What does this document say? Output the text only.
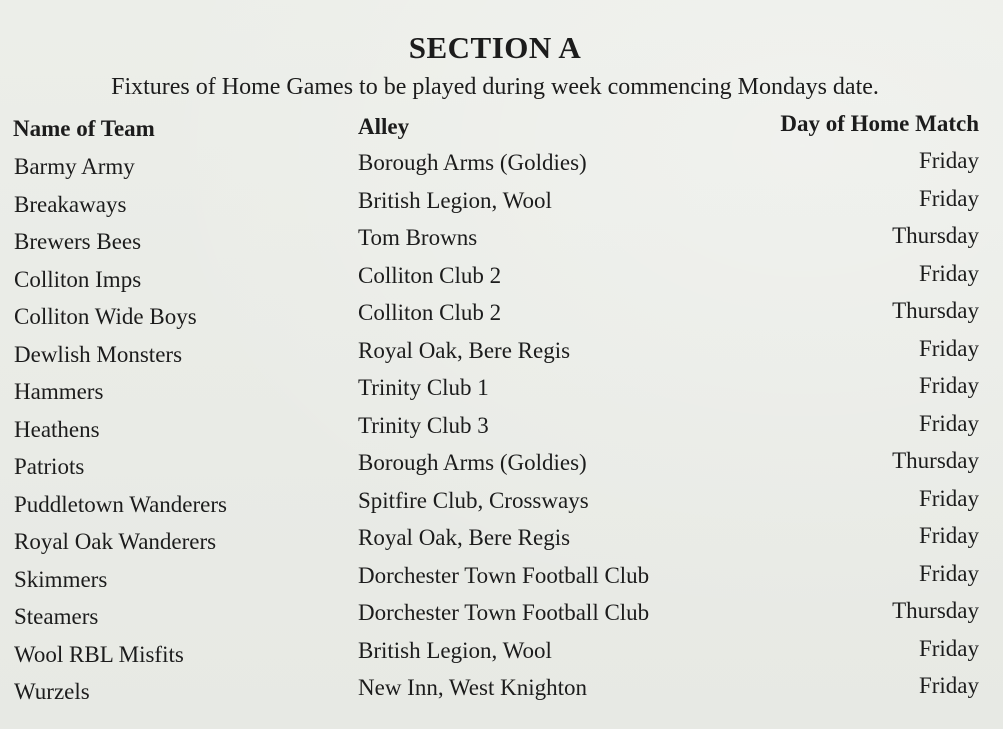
SECTION A
Fixtures of Home Games to be played during week commencing Mondays date.
Name of Team	Alley	Day of Home Match
Barmy Army	Borough Arms (Goldies)	Friday
Breakaways	British Legion, Wool	Friday
Brewers Bees	Tom Browns	Thursday
Colliton Imps	Colliton Club 2	Friday
Colliton Wide Boys	Colliton Club 2	Thursday
Dewlish Monsters	Royal Oak, Bere Regis	Friday
Hammers	Trinity Club 1	Friday
Heathens	Trinity Club 3	Friday
Patriots	Borough Arms (Goldies)	Thursday
Puddletown Wanderers	Spitfire Club, Crossways	Friday
Royal Oak Wanderers	Royal Oak, Bere Regis	Friday
Skimmers	Dorchester Town Football Club	Friday
Steamers	Dorchester Town Football Club	Thursday
Wool RBL Misfits	British Legion, Wool	Friday
Wurzels	New Inn, West Knighton	Friday
